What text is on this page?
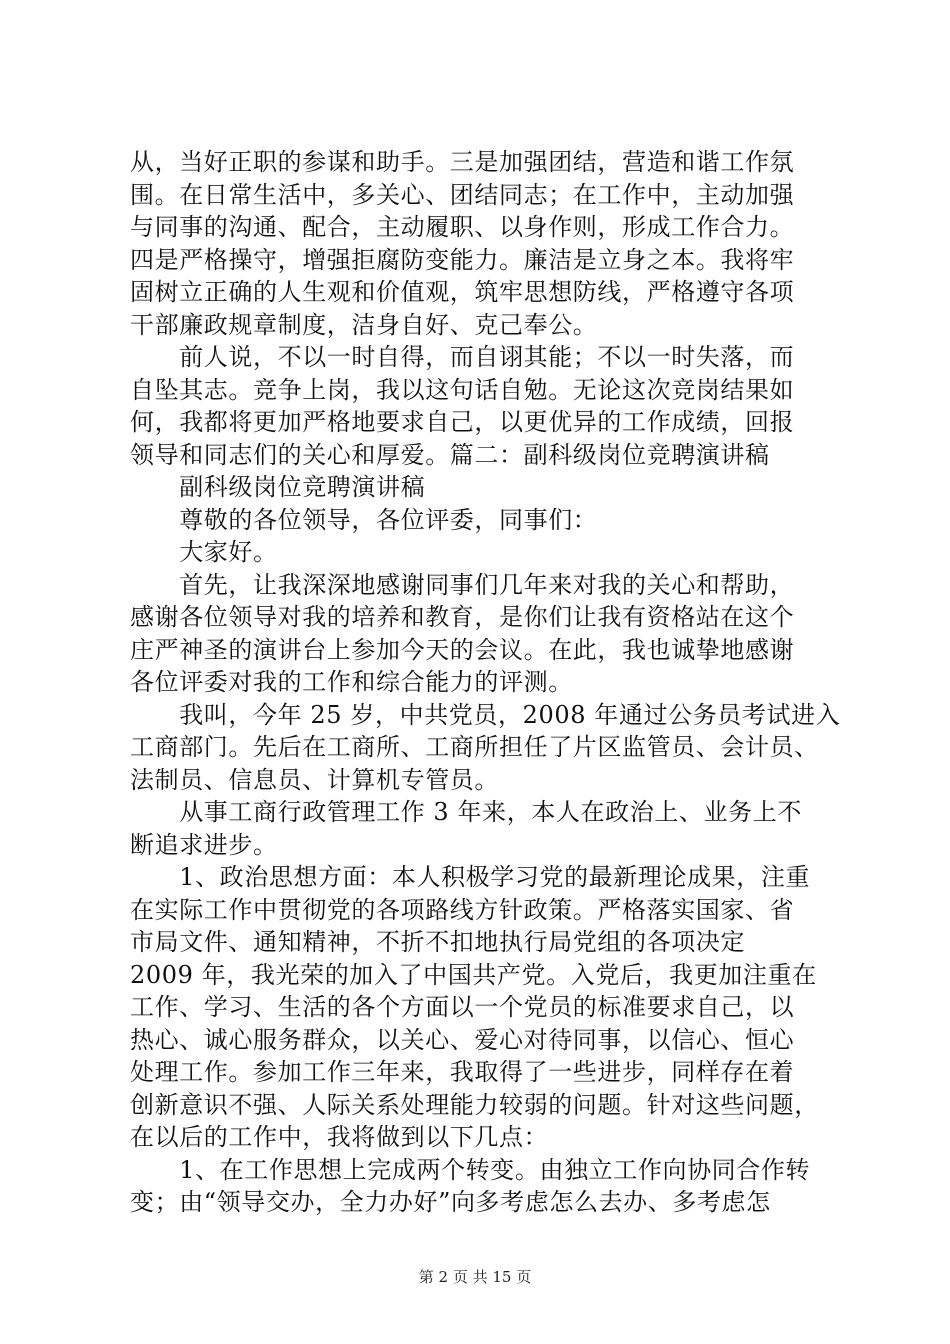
从，当好正职的参谋和助手。三是加强团结，营造和谐工作氛
围。在日常生活中，多关心、团结同志；在工作中，主动加强
与同事的沟通、配合，主动履职、以身作则，形成工作合力。
四是严格操守，增强拒腐防变能力。廉洁是立身之本。我将牢
固树立正确的人生观和价值观，筑牢思想防线，严格遵守各项
干部廉政规章制度，洁身自好、克己奉公。
　　前人说，不以一时自得，而自诩其能；不以一时失落，而
自坠其志。竞争上岗，我以这句话自勉。无论这次竞岗结果如
何，我都将更加严格地要求自己，以更优异的工作成绩，回报
领导和同志们的关心和厚爱。篇二：副科级岗位竞聘演讲稿
　　副科级岗位竞聘演讲稿
　　尊敬的各位领导，各位评委，同事们：
　　大家好。
　　首先，让我深深地感谢同事们几年来对我的关心和帮助，
感谢各位领导对我的培养和教育，是你们让我有资格站在这个
庄严神圣的演讲台上参加今天的会议。在此，我也诚挚地感谢
各位评委对我的工作和综合能力的评测。
　　我叫，今年 25 岁，中共党员，2008 年通过公务员考试进入
工商部门。先后在工商所、工商所担任了片区监管员、会计员、
法制员、信息员、计算机专管员。
　　从事工商行政管理工作 3 年来，本人在政治上、业务上不
断追求进步。
　　1、政治思想方面：本人积极学习党的最新理论成果，注重
在实际工作中贯彻党的各项路线方针政策。严格落实国家、省
市局文件、通知精神，不折不扣地执行局党组的各项决定
2009 年，我光荣的加入了中国共产党。入党后，我更加注重在
工作、学习、生活的各个方面以一个党员的标准要求自己，以
热心、诚心服务群众，以关心、爱心对待同事，以信心、恒心
处理工作。参加工作三年来，我取得了一些进步，同样存在着
创新意识不强、人际关系处理能力较弱的问题。针对这些问题，
在以后的工作中，我将做到以下几点：
　　1、在工作思想上完成两个转变。由独立工作向协同合作转
变；由“领导交办，全力办好”向多考虑怎么去办、多考虑怎
第 2 页 共 15 页
